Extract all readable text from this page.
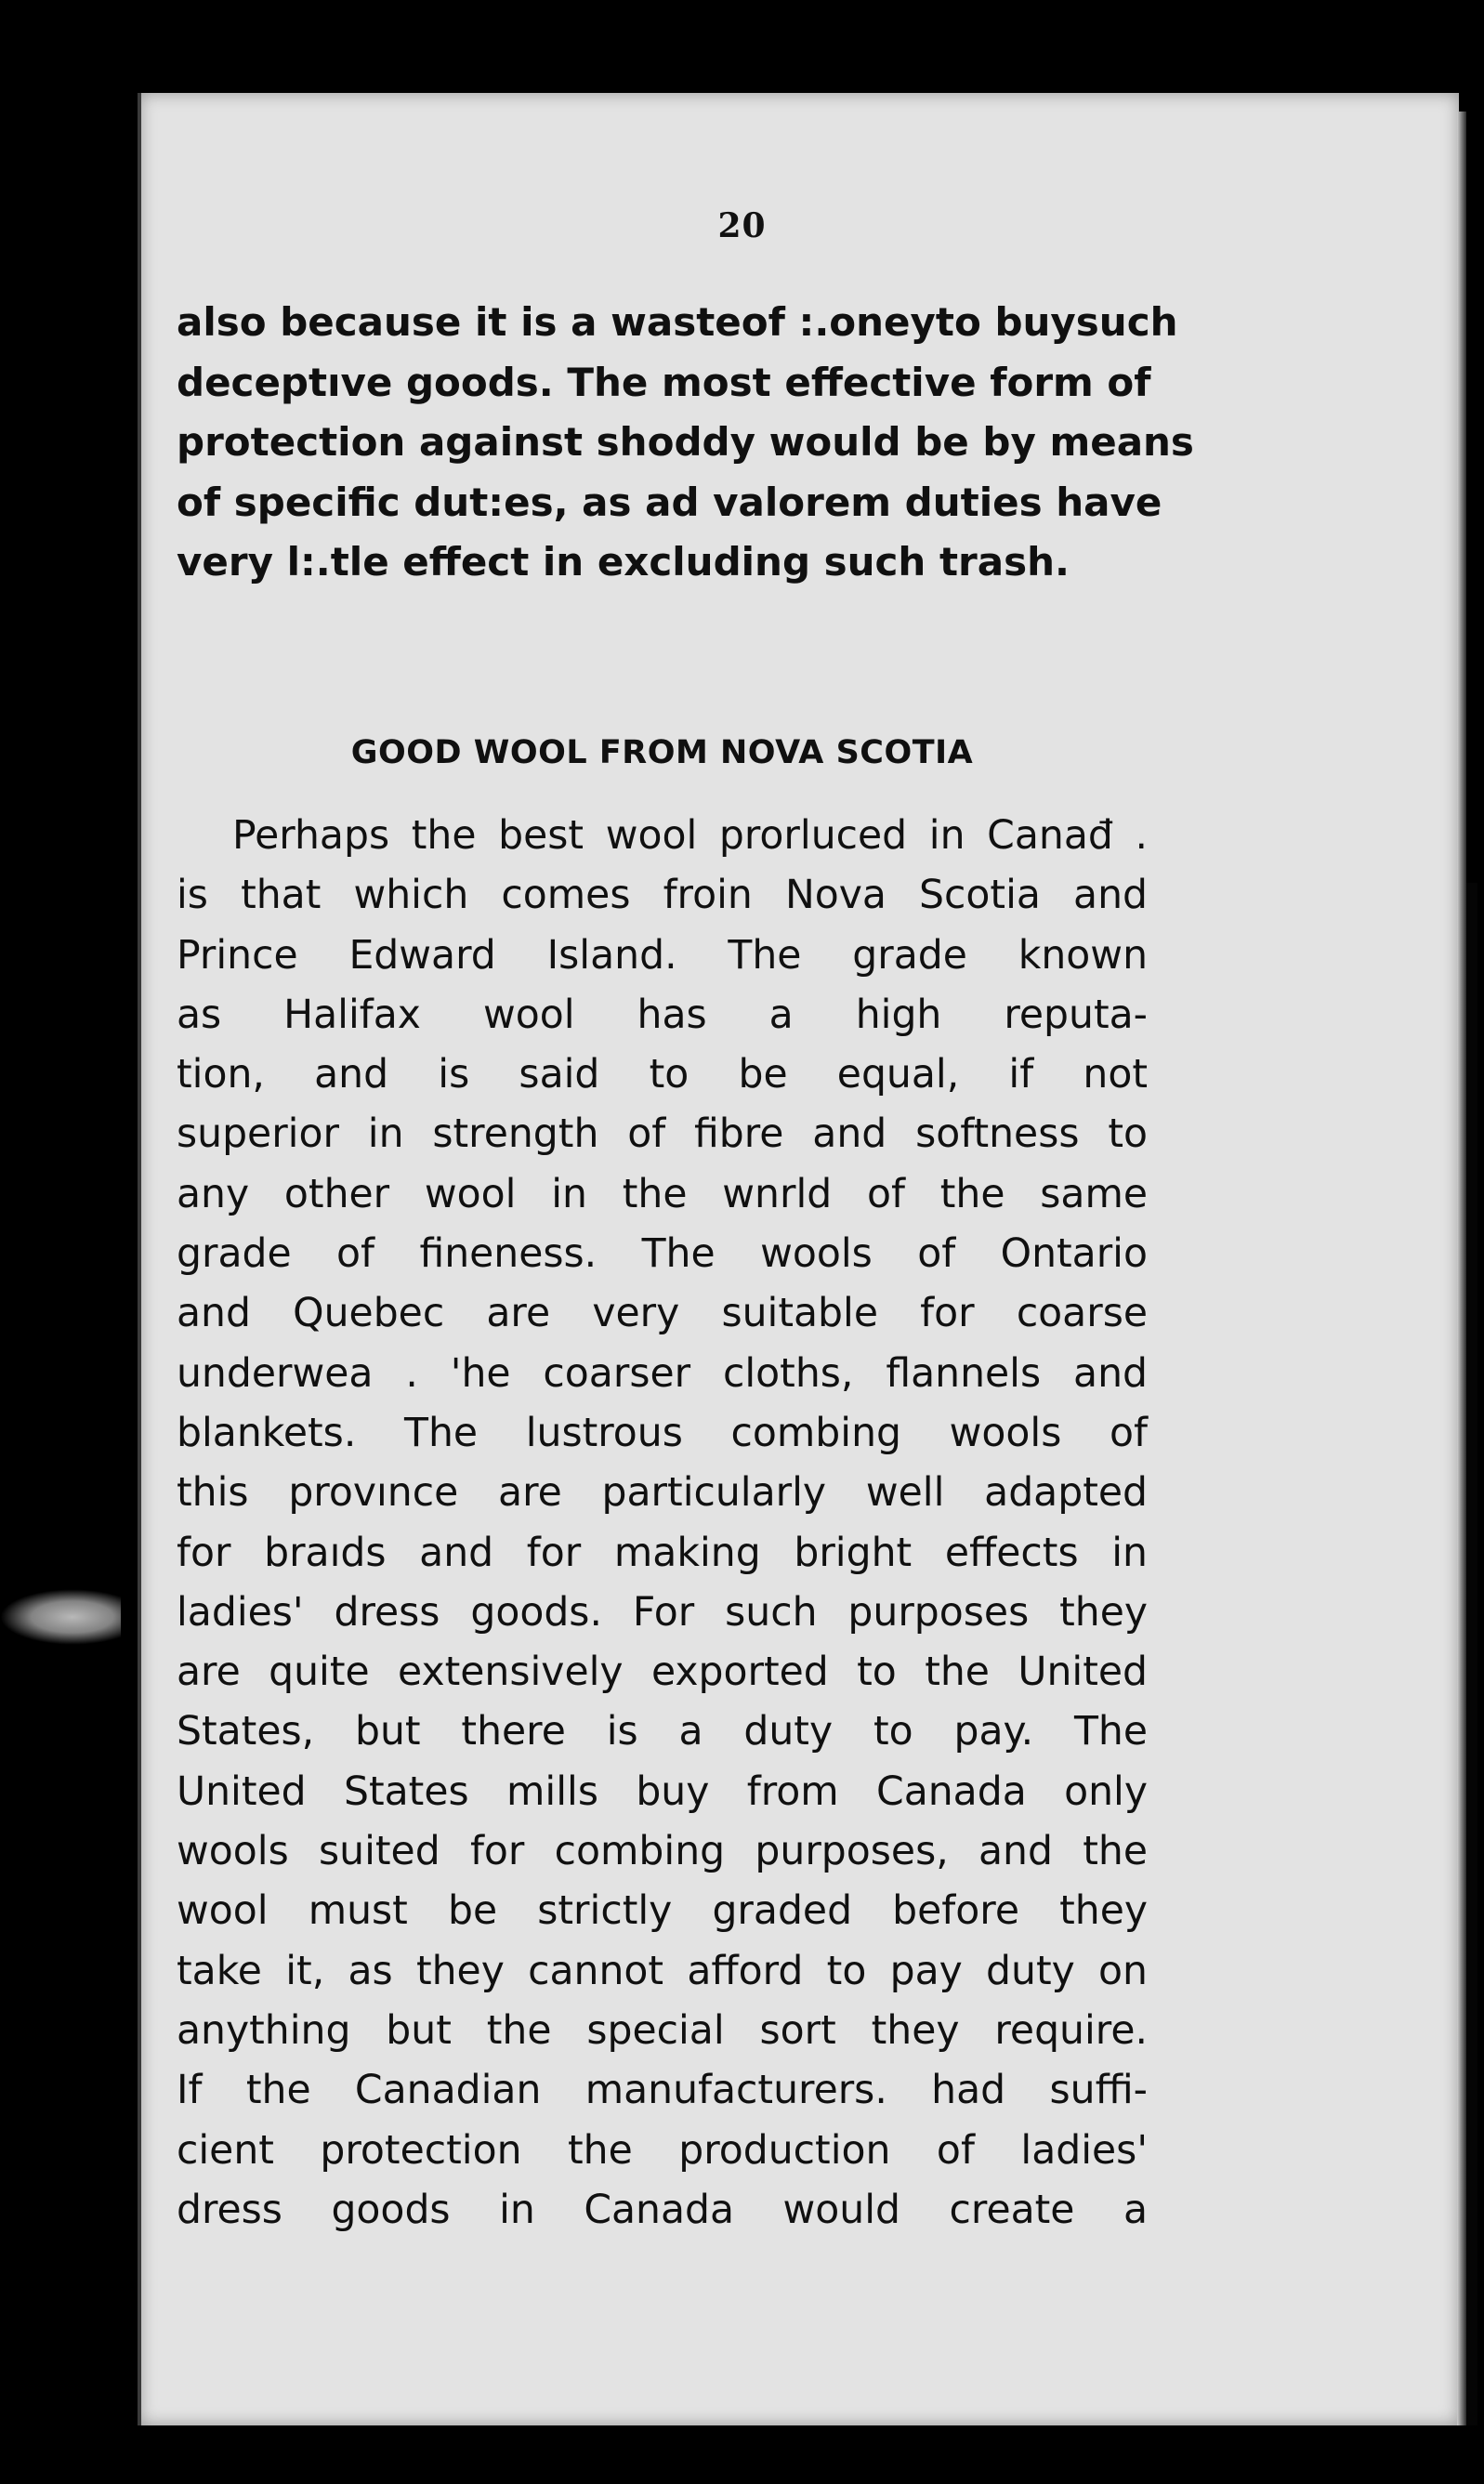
20
also because it is a wasteof :.oneyto buysuch
deceptıve goods. The most effective form of
protection against shoddy would be by means
of specific dut:es, as ad valorem duties have
very l:.tle effect in excluding such trash.
GOOD WOOL FROM NOVA SCOTIA
Perhaps the best wool prorluced in Canađ .
is that which comes froin Nova Scotia and
Prince Edward Island. The grade known
as Halifax wool has a high reputa-
tion, and is said to be equal, if not
superior in strength of fibre and softness to
any other wool in the wnrld of the same
grade of fineness. The wools of Ontario
and Quebec are very suitable for coarse
underwea . 'he coarser cloths, flannels and
blankets. The lustrous combing wools of
this provınce are particularly well adapted
for braıds and for making bright effects in
ladies' dress goods. For such purposes they
are quite extensively exported to the United
States, but there is a duty to pay. The
United States mills buy from Canada only
wools suited for combing purposes, and the
wool must be strictly graded before they
take it, as they cannot afford to pay duty on
anything but the special sort they require.
If the Canadian manufacturers. had suffi-
cient protection the production of ladies'
dress goods in Canada would create a
